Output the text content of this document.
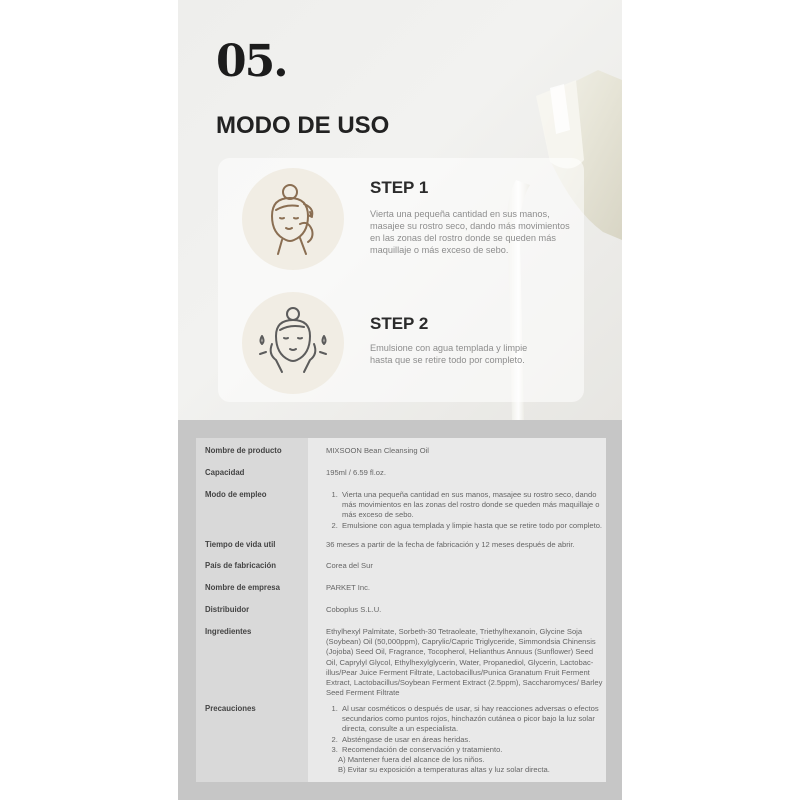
05.
MODO DE USO
STEP 1
Vierta una pequeña cantidad en sus manos, masajee su rostro seco, dando más movimientos en las zonas del rostro donde se queden más maquillaje o más exceso de sebo.
STEP 2
Emulsione con agua templada y limpie hasta que se retire todo por completo.
Nombre de producto	MIXSOON Bean Cleansing Oil
Capacidad	195ml / 6.59 fl.oz.
Modo de empleo	1. Vierta una pequeña cantidad en sus manos, masajee su rostro seco, dando más movimientos en las zonas del rostro donde se queden más maquillaje o más exceso de sebo.
2. Emulsione con agua templada y limpie hasta que se retire todo por completo.
Tiempo de vida util	36 meses a partir de la fecha de fabricación y 12 meses después de abrir.
País de fabricación	Corea del Sur
Nombre de empresa	PARKET Inc.
Distribuidor	Coboplus S.L.U.
Ingredientes	Ethylhexyl Palmitate, Sorbeth-30 Tetraoleate, Triethylhexanoin, Glycine Soja (Soybean) Oil (50,000ppm), Caprylic/Capric Triglyceride, Simmondsia Chinensis (Jojoba) Seed Oil, Fragrance, Tocopherol, Helianthus Annuus (Sunflower) Seed Oil, Caprylyl Glycol, Ethylhexylglycerin, Water, Propanediol, Glycerin, Lactobac-illus/Pear Juice Ferment Filtrate, Lactobacillus/Punica Granatum Fruit Ferment Extract, Lactobacillus/Soybean Ferment Extract (2.5ppm), Saccharomyces/ Barley Seed Ferment Filtrate
Precauciones	1. Al usar cosméticos o después de usar, si hay reacciones adversas o efectos secundarios como puntos rojos, hinchazón cutánea o picor bajo la luz solar directa, consulte a un especialista.
2. Absténgase de usar en áreas heridas.
3. Recomendación de conservación y tratamiento.
A) Mantener fuera del alcance de los niños.
B) Evitar su exposición a temperaturas altas y luz solar directa.
